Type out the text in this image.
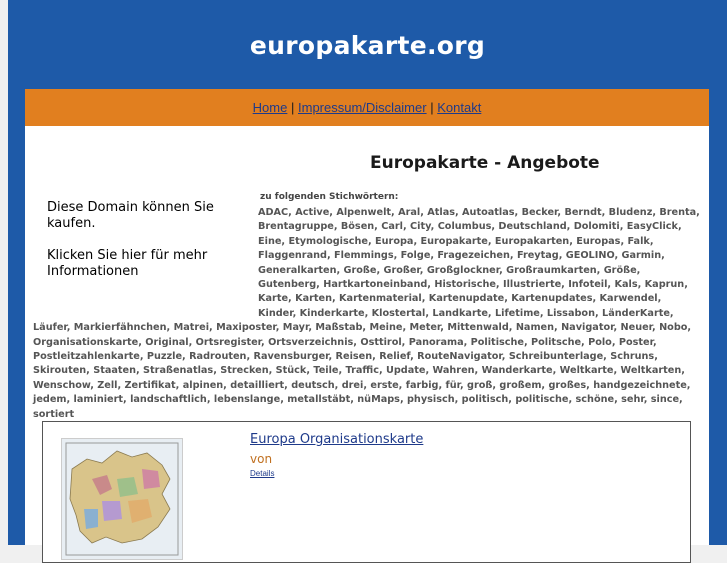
europakarte.org
Home | Impressum/Disclaimer | Kontakt
Europakarte - Angebote
zu folgenden Stichwörtern:
ADAC, Active, Alpenwelt, Aral, Atlas, Autoatlas, Becker, Berndt, Bludenz, Brenta, Brentagruppe, Bösen, Carl, City, Columbus, Deutschland, Dolomiti, EasyClick, Eine, Etymologische, Europa, Europakarte, Europakarten, Europas, Falk, Flaggenrand, Flemmings, Folge, Fragezeichen, Freytag, GEOLINO, Garmin, Generalkarten, Große, Großer, Großglockner, Großraumkarten, Größe, Gutenberg, Hartkartoneinband, Historische, Illustrierte, Infoteil, Kals, Kaprun, Karte, Karten, Kartenmaterial, Kartenupdate, Kartenupdates, Karwendel, Kinder, Kinderkarte, Klostertal, Landkarte, Lifetime, Lissabon, LänderKarte, Läufer, Markierfähnchen, Matrei, Maxiposter, Mayr, Maßstab, Meine, Meter, Mittenwald, Namen, Navigator, Neuer, Nobo, Organisationskarte, Original, Ortsregister, Ortsverzeichnis, Osttirol, Panorama, Politische, Politsche, Polo, Poster, Postleitzahlenkarte, Puzzle, Radrouten, Ravensburger, Reisen, Relief, RouteNavigator, Schreibunterlage, Schruns, Skirouten, Staaten, Straßenatlas, Strecken, Stück, Teile, Traffic, Update, Wahren, Wanderkarte, Weltkarte, Weltkarten, Wenschow, Zell, Zertifikat, alpinen, detailliert, deutsch, drei, erste, farbig, für, groß, großem, großes, handgezeichnete, jedem, laminiert, landschaftlich, lebenslange, metallstäbt, nüMaps, physisch, politisch, politische, schöne, sehr, since, sortiert

Diese Domain können Sie kaufen.

Klicken Sie hier für mehr Informationen

Europa Organisationskarte
von
Details
